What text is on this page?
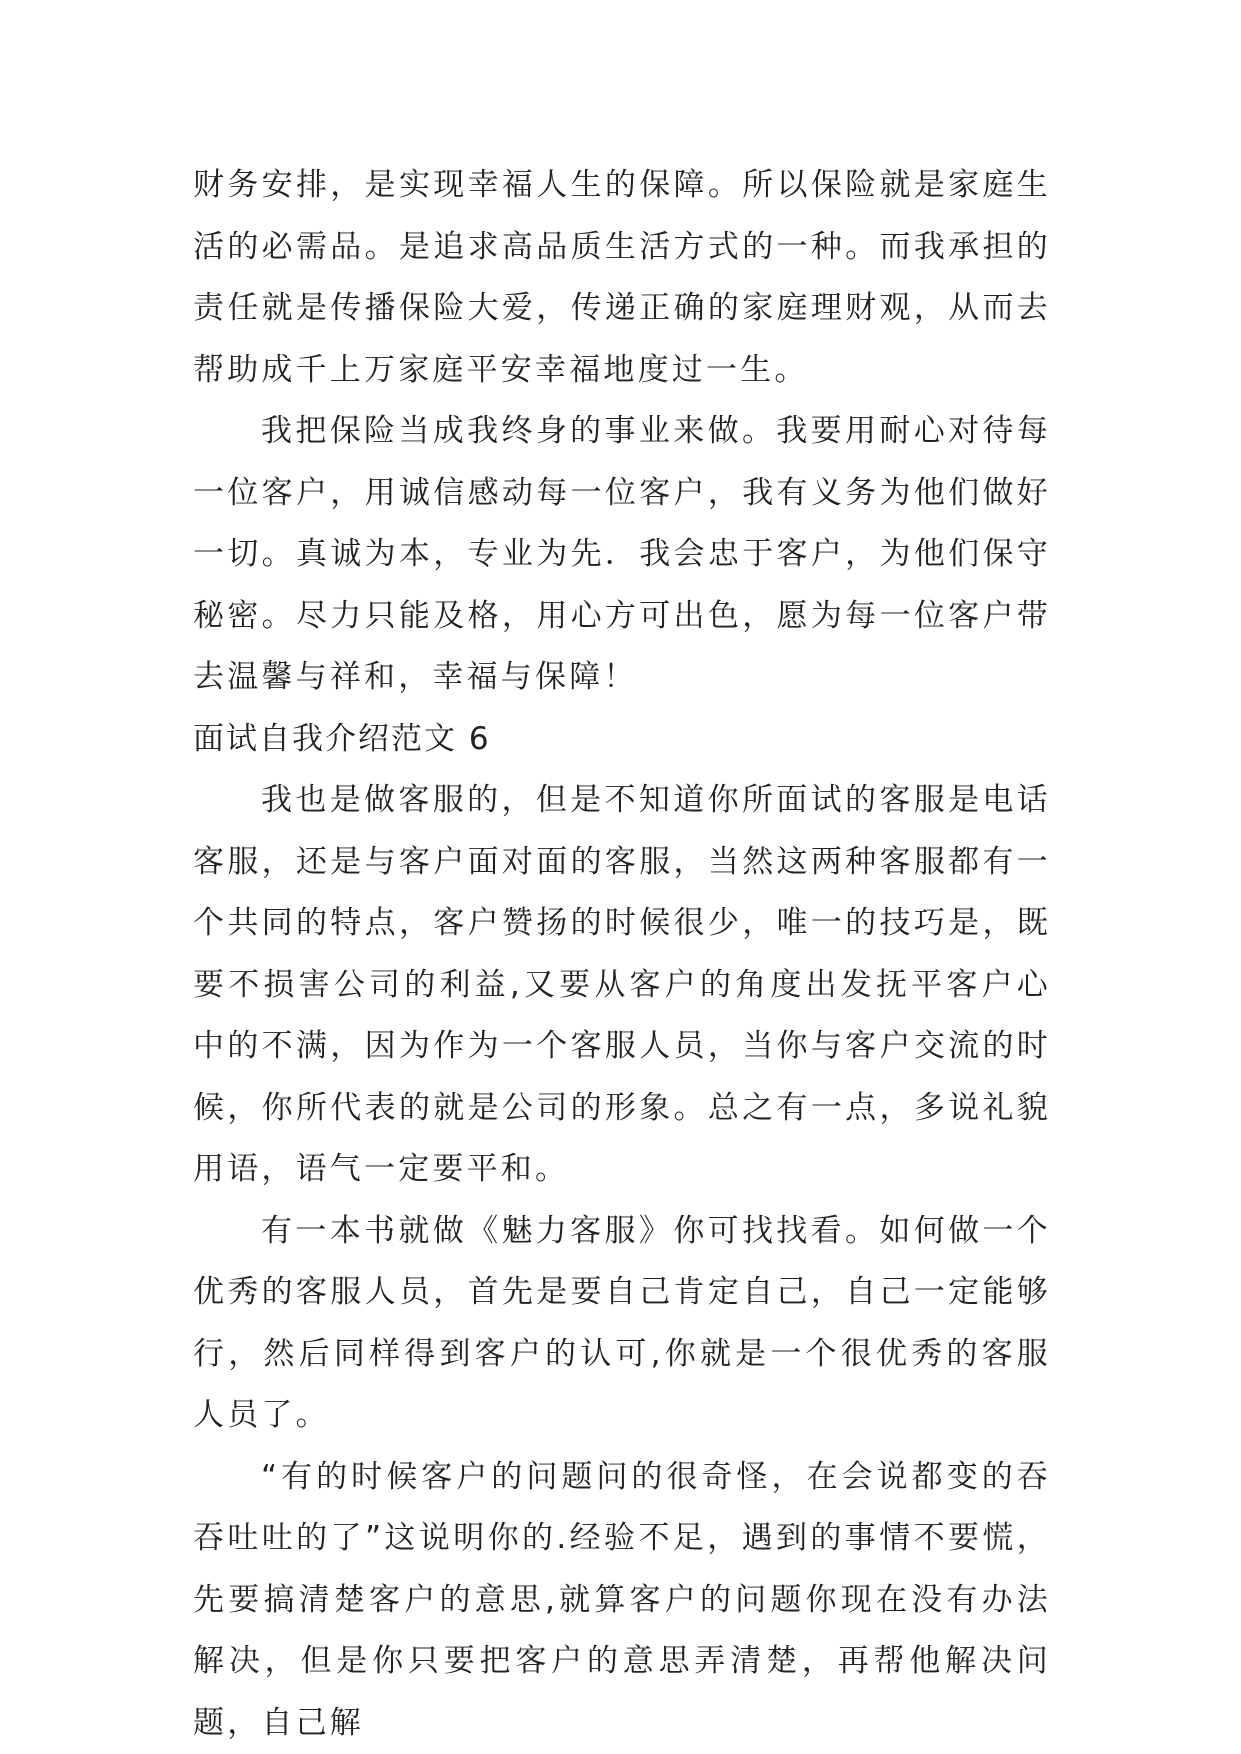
财务安排，是实现幸福人生的保障。所以保险就是家庭生活的必需品。是追求高品质生活方式的一种。而我承担的责任就是传播保险大爱，传递正确的家庭理财观，从而去帮助成千上万家庭平安幸福地度过一生。

我把保险当成我终身的事业来做。我要用耐心对待每一位客户，用诚信感动每一位客户，我有义务为他们做好一切。真诚为本，专业为先．我会忠于客户，为他们保守秘密。尽力只能及格，用心方可出色，愿为每一位客户带去温馨与祥和，幸福与保障！

面试自我介绍范文 6

我也是做客服的，但是不知道你所面试的客服是电话客服，还是与客户面对面的客服，当然这两种客服都有一个共同的特点，客户赞扬的时候很少，唯一的技巧是，既要不损害公司的利益,又要从客户的角度出发抚平客户心中的不满，因为作为一个客服人员，当你与客户交流的时候，你所代表的就是公司的形象。总之有一点，多说礼貌用语，语气一定要平和。

有一本书就做《魅力客服》你可找找看。如何做一个优秀的客服人员，首先是要自己肯定自己，自己一定能够行，然后同样得到客户的认可,你就是一个很优秀的客服人员了。

“有的时候客户的问题问的很奇怪，在会说都变的吞吞吐吐的了”这说明你的.经验不足，遇到的事情不要慌，先要搞清楚客户的意思,就算客户的问题你现在没有办法解决，但是你只要把客户的意思弄清楚，再帮他解决问题，自己解
